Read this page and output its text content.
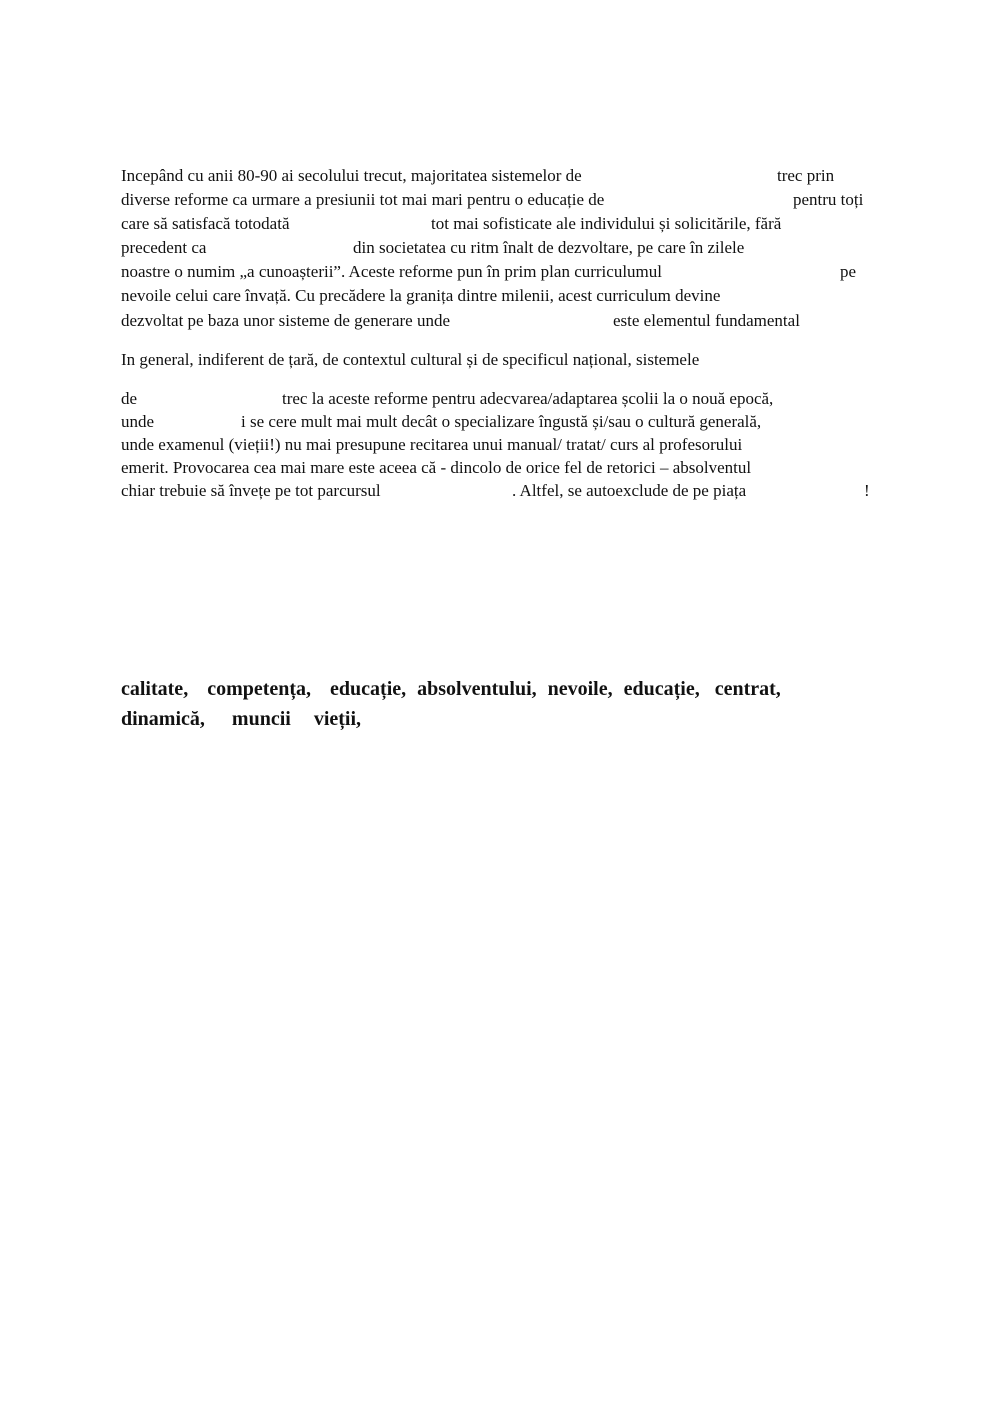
Incepând cu anii 80-90 ai secolului trecut, majoritatea sistemelor de	trec prin
diverse reforme ca urmare a presiunii tot mai mari pentru o educație de	pentru toți
care să satisfacă totodată	tot mai sofisticate ale individului și solicitările, fără
precedent ca	din societatea cu ritm înalt de dezvoltare, pe care în zilele
noastre o numim „a cunoașterii”. Aceste reforme pun în prim plan curriculumul	pe
nevoile celui care învață. Cu precădere la granița dintre milenii, acest curriculum devine
dezvoltat pe baza unor sisteme de generare unde	este elementul fundamental
In general, indiferent de țară, de contextul cultural și de specificul național, sistemele
de	trec la aceste reforme pentru adecvarea/adaptarea școlii la o nouă epocă,
unde	i se cere mult mai mult decât o specializare îngustă și/sau o cultură generală,
unde examenul (vieții!) nu mai presupune recitarea unui manual/ tratat/ curs al profesorului
emerit. Provocarea cea mai mare este aceea că - dincolo de orice fel de retorici – absolventul
chiar trebuie să învețe pe tot parcursul	. Altfel, se autoexclude de pe piața	!
calitate, competența, educație, absolventului, nevoile, educație, centrat,
dinamică, muncii vieții,
